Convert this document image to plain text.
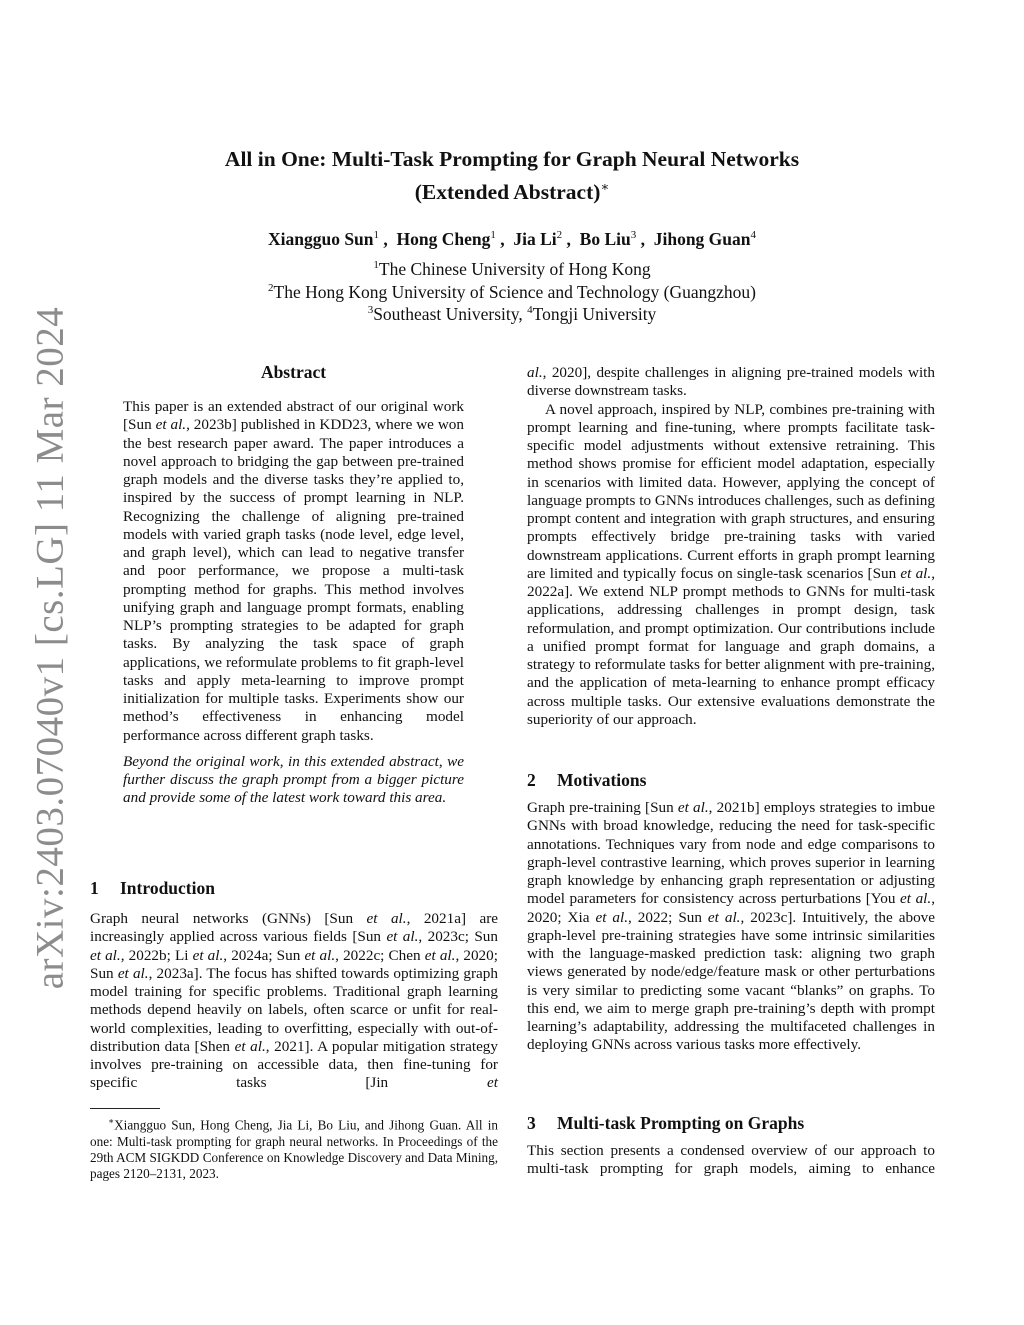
arXiv:2403.07040v1 [cs.LG] 11 Mar 2024
All in One: Multi-Task Prompting for Graph Neural Networks
(Extended Abstract)∗
Xiangguo Sun$^1$ ,  Hong Cheng$^1$ ,  Jia Li$^2$ ,  Bo Liu$^3$ ,  Jihong Guan$^4$
$^1$The Chinese University of Hong Kong
$^2$The Hong Kong University of Science and Technology (Guangzhou)
$^3$Southeast University, $^4$Tongji University
Abstract

This paper is an extended abstract of our original work [Sun et al., 2023b] published in KDD23, where we won the best research paper award. The paper introduces a novel approach to bridging the gap between pre-trained graph models and the diverse tasks they’re applied to, inspired by the success of prompt learning in NLP. Recognizing the challenge of aligning pre-trained models with varied graph tasks (node level, edge level, and graph level), which can lead to negative transfer and poor performance, we propose a multi-task prompting method for graphs. This method involves unifying graph and language prompt formats, enabling NLP’s prompting strategies to be adapted for graph tasks. By analyzing the task space of graph applications, we reformulate problems to fit graph-level tasks and apply meta-learning to improve prompt initialization for multiple tasks. Experiments show our method’s effectiveness in enhancing model performance across different graph tasks.

Beyond the original work, in this extended abstract, we further discuss the graph prompt from a bigger picture and provide some of the latest work toward this area.

1 Introduction

Graph neural networks (GNNs) [Sun et al., 2021a] are increasingly applied across various fields [Sun et al., 2023c; Sun et al., 2022b; Li et al., 2024a; Sun et al., 2022c; Chen et al., 2020; Sun et al., 2023a]. The focus has shifted towards optimizing graph model training for specific problems. Traditional graph learning methods depend heavily on labels, often scarce or unfit for real-world complexities, leading to overfitting, especially with out-of-distribution data [Shen et al., 2021]. A popular mitigation strategy involves pre-training on accessible data, then fine-tuning for specific tasks [Jin et

∗Xiangguo Sun, Hong Cheng, Jia Li, Bo Liu, and Jihong Guan. All in one: Multi-task prompting for graph neural networks. In Proceedings of the 29th ACM SIGKDD Conference on Knowledge Discovery and Data Mining, pages 2120–2131, 2023.

al., 2020], despite challenges in aligning pre-trained models with diverse downstream tasks.

A novel approach, inspired by NLP, combines pre-training with prompt learning and fine-tuning, where prompts facilitate task-specific model adjustments without extensive retraining. This method shows promise for efficient model adaptation, especially in scenarios with limited data. However, applying the concept of language prompts to GNNs introduces challenges, such as defining prompt content and integration with graph structures, and ensuring prompts effectively bridge pre-training tasks with varied downstream applications. Current efforts in graph prompt learning are limited and typically focus on single-task scenarios [Sun et al., 2022a]. We extend NLP prompt methods to GNNs for multi-task applications, addressing challenges in prompt design, task reformulation, and prompt optimization. Our contributions include a unified prompt format for language and graph domains, a strategy to reformulate tasks for better alignment with pre-training, and the application of meta-learning to enhance prompt efficacy across multiple tasks. Our extensive evaluations demonstrate the superiority of our approach.

2 Motivations

Graph pre-training [Sun et al., 2021b] employs strategies to imbue GNNs with broad knowledge, reducing the need for task-specific annotations. Techniques vary from node and edge comparisons to graph-level contrastive learning, which proves superior in learning graph knowledge by enhancing graph representation or adjusting model parameters for consistency across perturbations [You et al., 2020; Xia et al., 2022; Sun et al., 2023c]. Intuitively, the above graph-level pre-training strategies have some intrinsic similarities with the language-masked prediction task: aligning two graph views generated by node/edge/feature mask or other perturbations is very similar to predicting some vacant “blanks” on graphs. To this end, we aim to merge graph pre-training’s depth with prompt learning’s adaptability, addressing the multifaceted challenges in deploying GNNs across various tasks more effectively.

3 Multi-task Prompting on Graphs

This section presents a condensed overview of our approach to multi-task prompting for graph models, aiming to enhance
